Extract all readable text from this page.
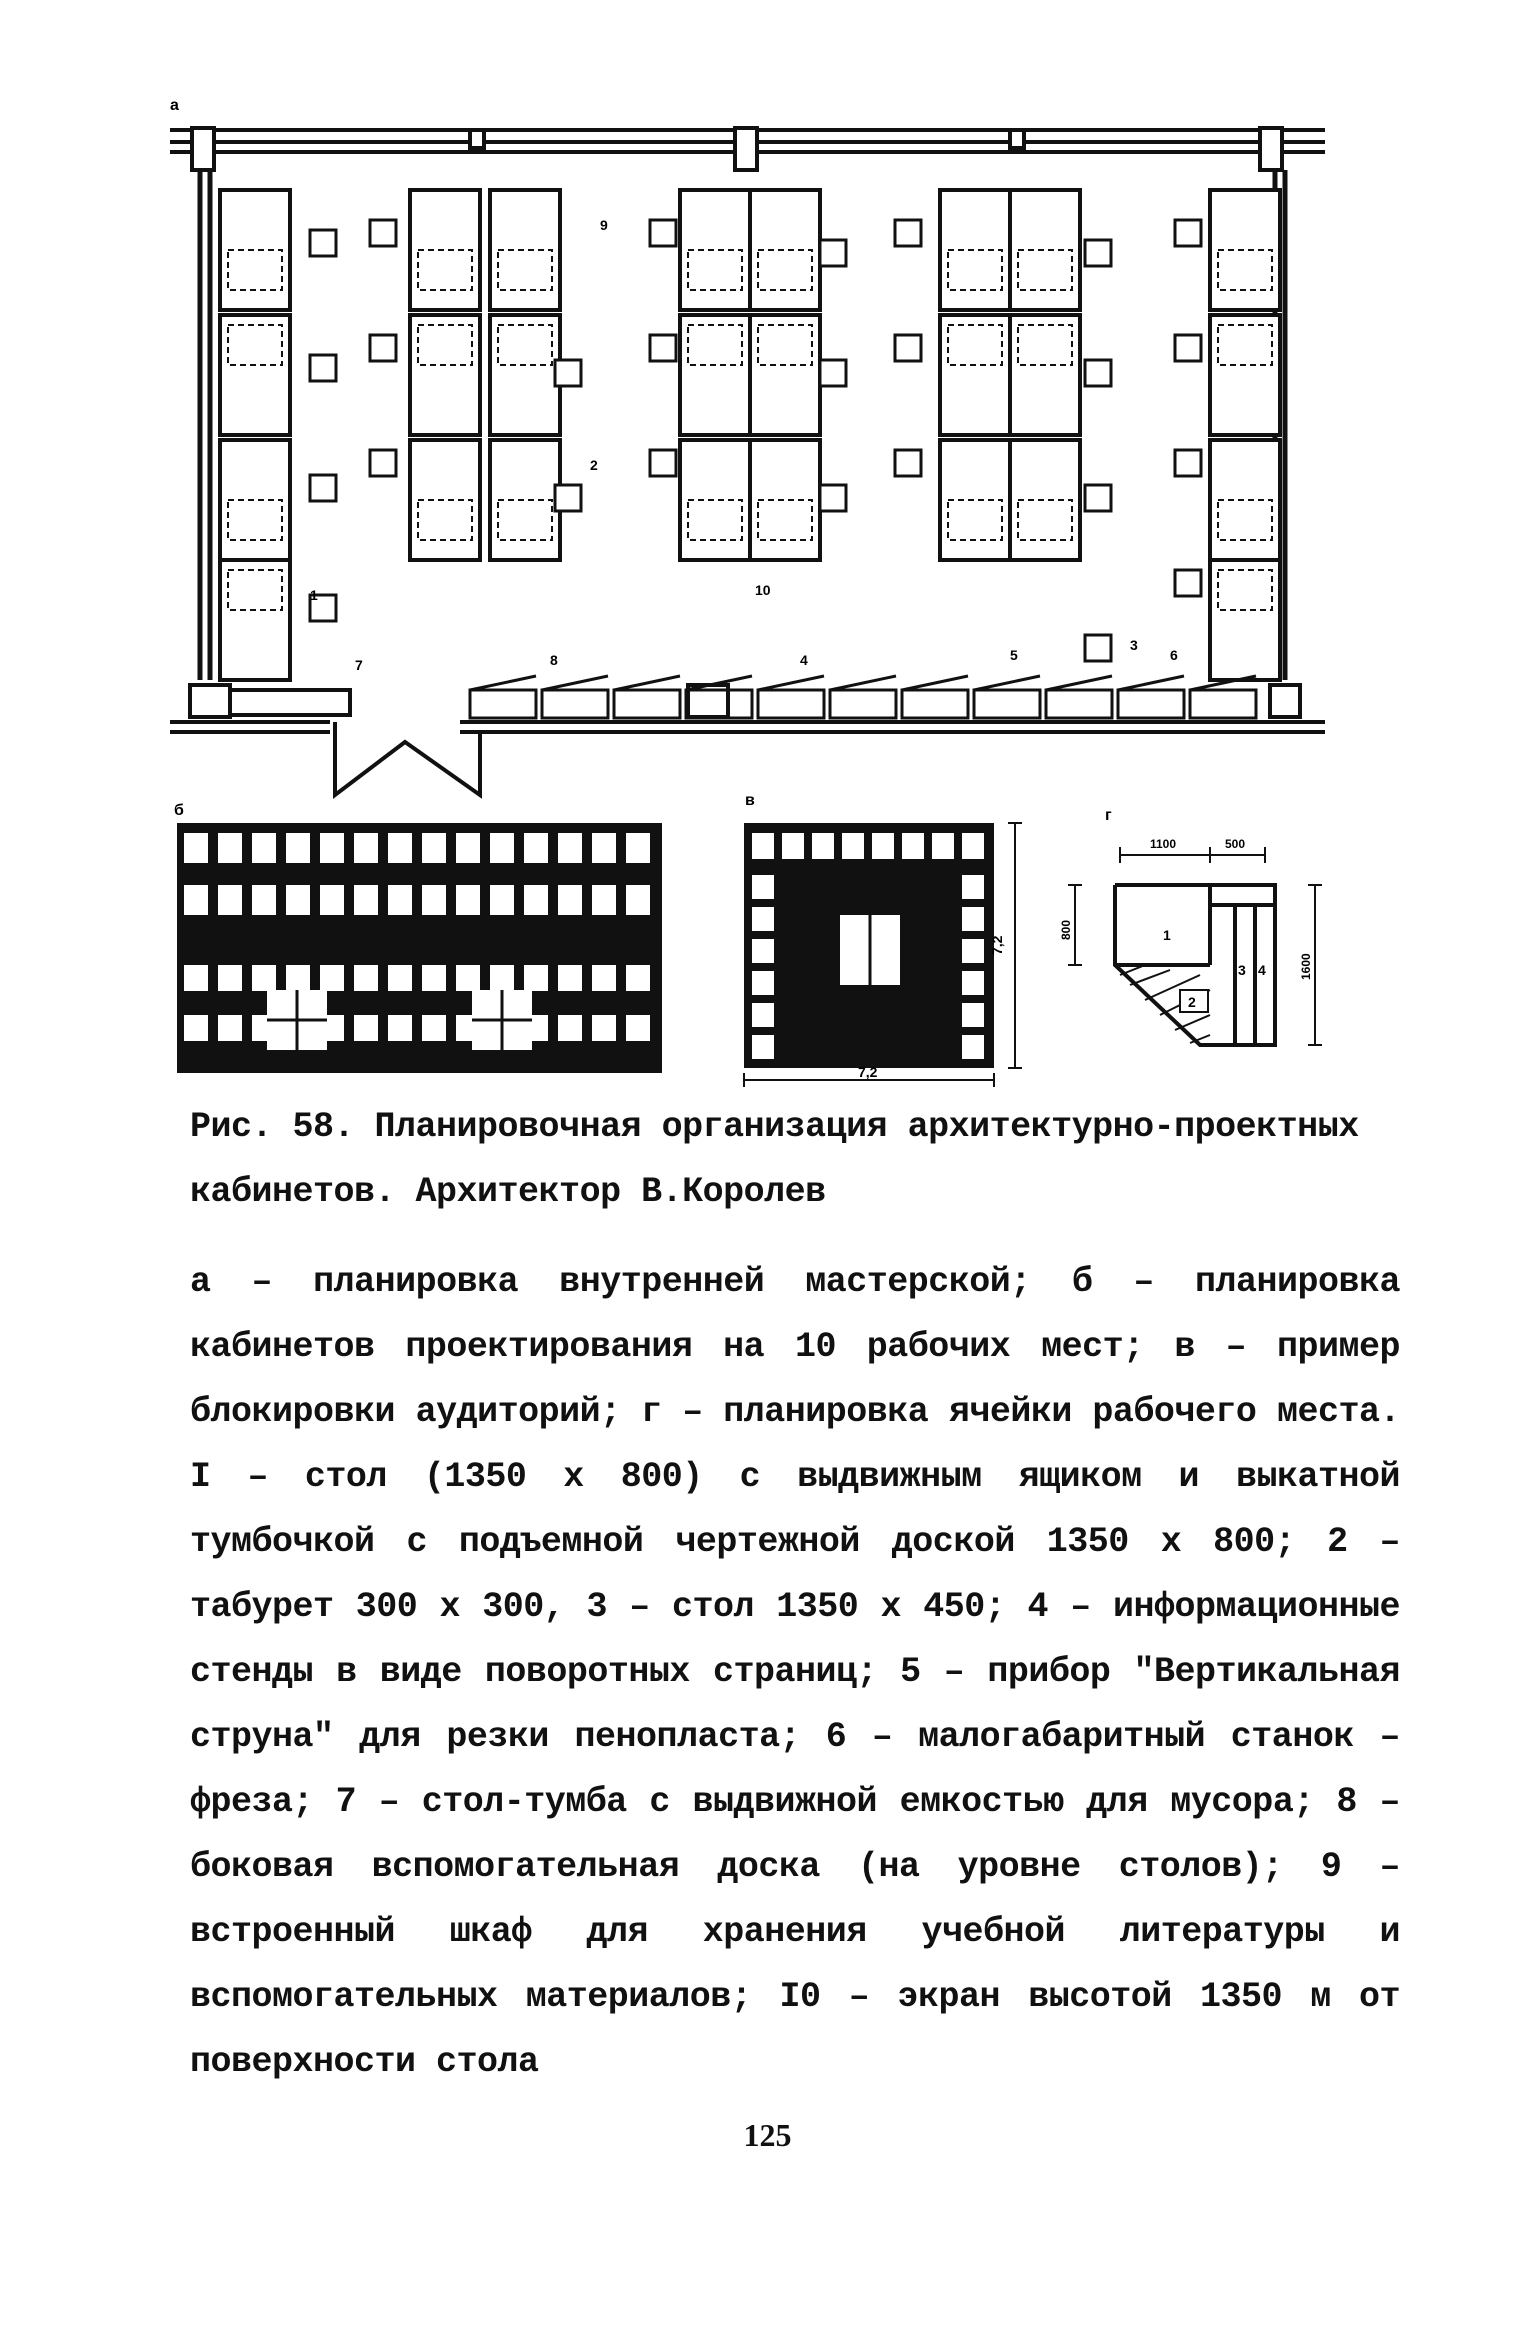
а
1
2
3
4	5	6
7	8
9
10
б
в
7,2
7,2
г
1100	500
800
1600
1
2
3 4

Рис. 58. Планировочная организация архитектурно-проектных кабинетов. Архитектор В.Королев

а – планировка внутренней мастерской; б – планировка кабинетов проектирования на 10 рабочих мест; в – пример блокировки аудиторий; г – планировка ячейки рабочего места. I – стол (1350 х 800) с выдвижным ящиком и выкатной тумбочкой с подъемной чертежной доской 1350 х 800; 2 – табурет 300 х 300, 3 – стол 1350 х 450; 4 – информационные стенды в виде поворотных страниц; 5 – прибор "Вертикальная струна" для резки пенопласта; 6 – малогабаритный станок – фреза; 7 – стол-тумба с выдвижной емкостью для мусора; 8 – боковая вспомогательная доска (на уровне столов); 9 – встроенный шкаф для хранения учебной литературы и вспомогательных материалов; I0 – экран высотой 1350 м от поверхности стола
125
